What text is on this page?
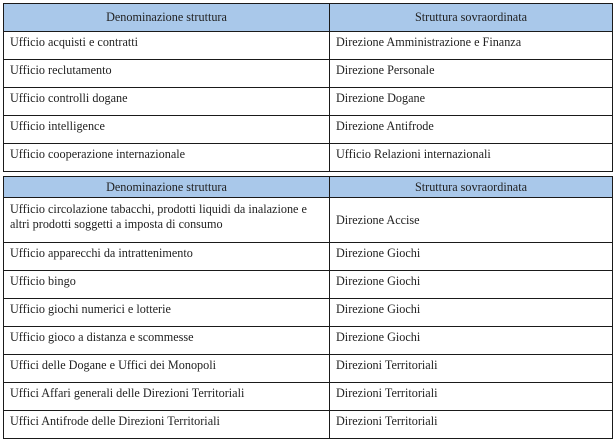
Denominazione struttura	Struttura sovraordinata
Ufficio acquisti e contratti	Direzione Amministrazione e Finanza
Ufficio reclutamento	Direzione Personale
Ufficio controlli dogane	Direzione Dogane
Ufficio intelligence	Direzione Antifrode
Ufficio cooperazione internazionale	Ufficio Relazioni internazionali
Denominazione struttura	Struttura sovraordinata
Ufficio circolazione tabacchi, prodotti liquidi da inalazione e altri prodotti soggetti a imposta di consumo	Direzione Accise
Ufficio apparecchi da intrattenimento	Direzione Giochi
Ufficio bingo	Direzione Giochi
Ufficio giochi numerici e lotterie	Direzione Giochi
Ufficio gioco a distanza e scommesse	Direzione Giochi
Uffici delle Dogane e Uffici dei Monopoli	Direzioni Territoriali
Uffici Affari generali delle Direzioni Territoriali	Direzioni Territoriali
Uffici Antifrode delle Direzioni Territoriali	Direzioni Territoriali
